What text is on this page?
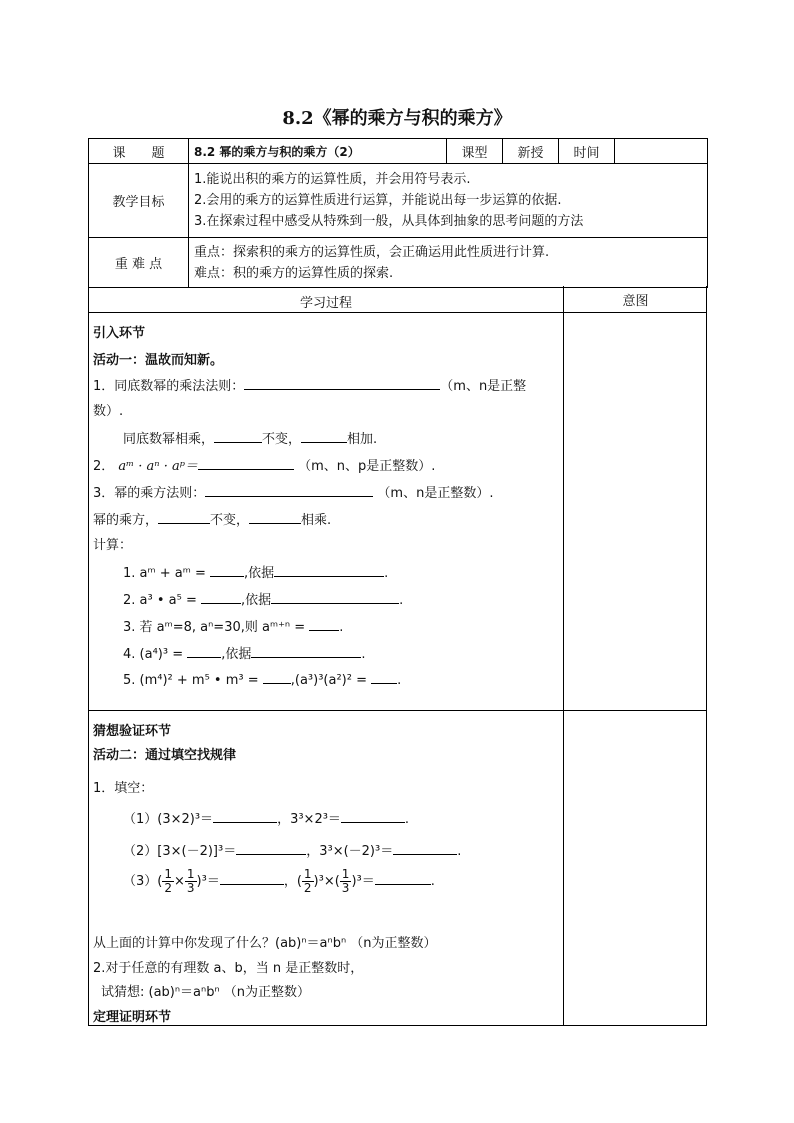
8.2《幂的乘方与积的乘方》
课　　题	8.2 幂的乘方与积的乘方（2）	课型	新授	时间	
教学目标	1.能说出积的乘方的运算性质，并会用符号表示.
2.会用的乘方的运算性质进行运算，并能说出每一步运算的依据.
3.在探索过程中感受从特殊到一般，从具体到抽象的思考问题的方法				

重 难 点	重点：探索积的乘方的运算性质，会正确运用此性质进行计算.
难点：积的乘方的运算性质的探索.				
学习过程	意图
引入环节
活动一：温故而知新。
1．同底数幂的乘法法则：	（m、n是正整
数）.
同底数幂相乘，	不变，	相加.
2． aᵐ · aⁿ · aᵖ＝	（m、n、p是正整数）.
3．幂的乘方法则：	（m、n是正整数）.
幂的乘方，	不变，	相乘.
计算：
1. aᵐ + aᵐ =	,依据	.
2. a³ • a⁵ =	,依据	.
3. 若 aᵐ=8, aⁿ=30,则 aᵐ⁺ⁿ = .
4. (a⁴)³ =	,依据	.
5. (m⁴)² + m⁵ • m³ = ,(a³)³(a²)² = .
猜想验证环节
活动二：通过填空找规律
1．填空：
（1）(3×2)³＝	，3³×2³＝	.
（2）[3×(－2)]³＝	，3³×(－2)³＝	.
$(3)( \frac{1}{2} \times \frac{1}{3} )^3=$	，( $\frac{1}{2} )^3\times( \frac{1}{3} )^3=$	.
从上面的计算中你发现了什么？(ab)ⁿ＝aⁿbⁿ （n为正整数）
2.对于任意的有理数 a、b，当 n 是正整数时，
试猜想: (ab)ⁿ＝aⁿbⁿ （n为正整数）
定理证明环节
